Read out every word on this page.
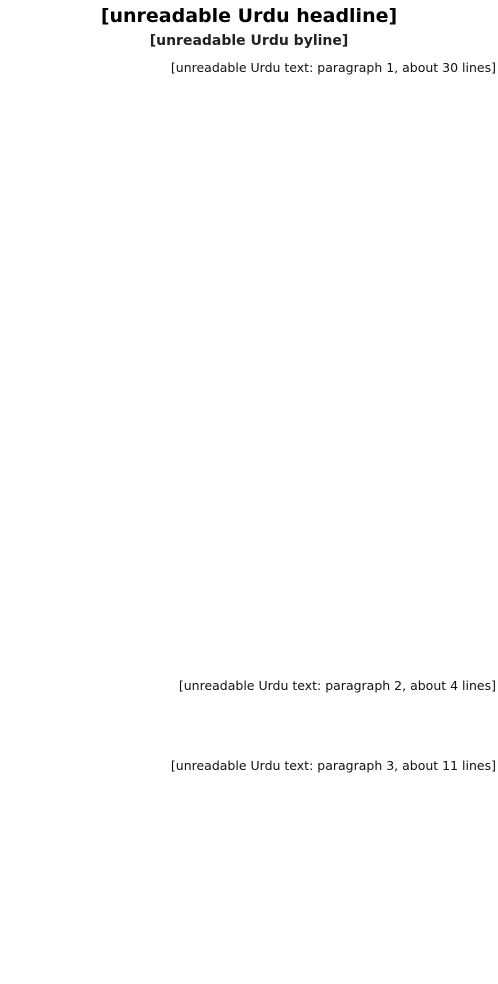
[unreadable Urdu headline]
[unreadable Urdu byline]

[unreadable Urdu text: paragraph 1, about 30 lines]

[unreadable Urdu text: paragraph 2, about 4 lines]

[unreadable Urdu text: paragraph 3, about 11 lines]
